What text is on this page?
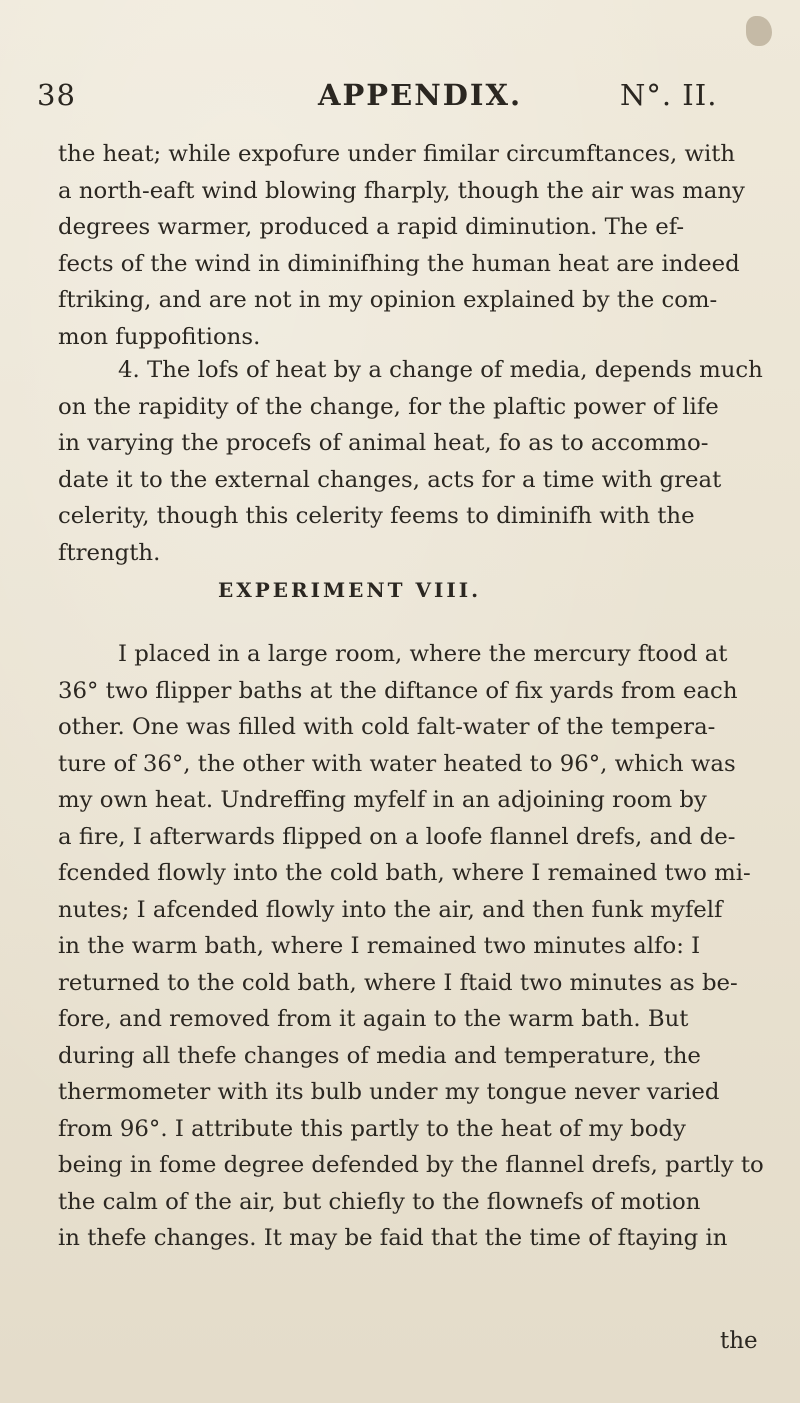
38	APPENDIX.	N°. II.
the heat; while expofure under fimilar circumftances, with
a north-eaft wind blowing fharply, though the air was many
degrees warmer, produced a rapid diminution. The ef-
fects of the wind in diminifhing the human heat are indeed
ftriking, and are not in my opinion explained by the com-
mon fuppofitions.
4. The lofs of heat by a change of media, depends much
on the rapidity of the change, for the plaftic power of life
in varying the procefs of animal heat, fo as to accommo-
date it to the external changes, acts for a time with great
celerity, though this celerity feems to diminifh with the
ftrength.
EXPERIMENT VIII.
I placed in a large room, where the mercury ftood at
36° two flipper baths at the diftance of fix yards from each
other. One was filled with cold falt-water of the tempera-
ture of 36°, the other with water heated to 96°, which was
my own heat. Undreffing myfelf in an adjoining room by
a fire, I afterwards flipped on a loofe flannel drefs, and de-
fcended flowly into the cold bath, where I remained two mi-
nutes; I afcended flowly into the air, and then funk myfelf
in the warm bath, where I remained two minutes alfo: I
returned to the cold bath, where I ftaid two minutes as be-
fore, and removed from it again to the warm bath. But
during all thefe changes of media and temperature, the
thermometer with its bulb under my tongue never varied
from 96°. I attribute this partly to the heat of my body
being in fome degree defended by the flannel drefs, partly to
the calm of the air, but chiefly to the flownefs of motion
in thefe changes. It may be faid that the time of ftaying in
the
